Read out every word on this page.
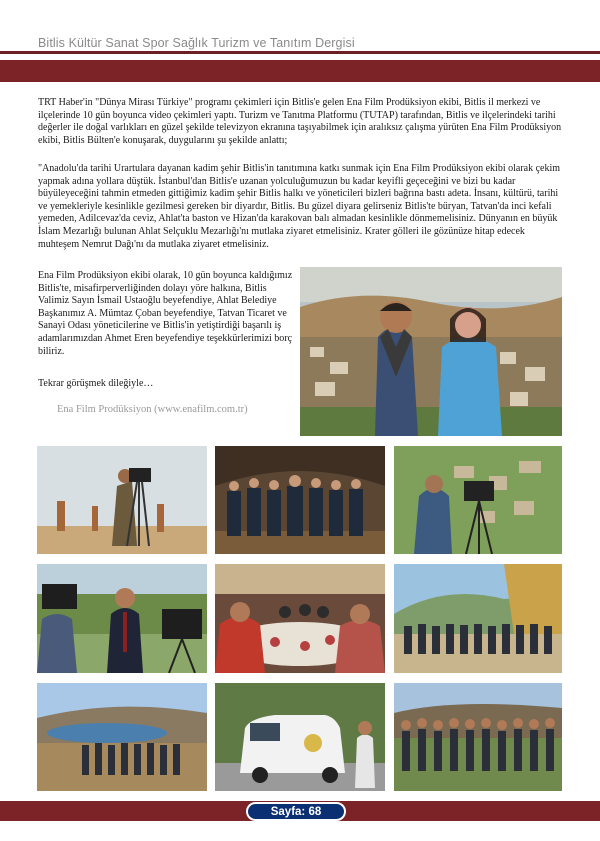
Bitlis Kültür Sanat Spor Sağlık Turizm ve Tanıtım Dergisi

TRT Haber'in "Dünya Mirası Türkiye" programı çekimleri için Bitlis'e gelen Ena Film Prodüksiyon ekibi, Bitlis il merkezi ve ilçelerinde 10 gün boyunca video çekimleri yaptı. Turizm ve Tanıtma Platformu (TUTAP) tarafından, Bitlis ve ilçelerindeki tarihi değerler ile doğal varlıkları en güzel şekilde televizyon ekranına taşıyabilmek için aralıksız çalışma yürüten Ena Film Prodüksiyon ekibi, Bitlis Bülten'e konuşarak, duygularını şu şekilde anlattı;

"Anadolu'da tarihi Urartulara dayanan kadim şehir Bitlis'in tanıtımına katkı sunmak için Ena Film Prodüksiyon ekibi olarak çekim yapmak adına yollara düştük. İstanbul'dan Bitlis'e uzanan yolculuğumuzun bu kadar keyifli geçeceğini ve bizi bu kadar büyüleyeceğini tahmin etmeden gittiğimiz kadim şehir Bitlis halkı ve yöneticileri bizleri bağrına bastı adeta. İnsanı, kültürü, tarihi ve yemekleriyle kesinlikle gezilmesi gereken bir diyardır, Bitlis. Bu güzel diyara gelirseniz Bitlis'te büryan, Tatvan'da inci kefali yemeden, Adilcevaz'da ceviz, Ahlat'ta baston ve Hizan'da karakovan balı almadan kesinlikle dönmemelisiniz. Dünyanın en büyük İslam Mezarlığı bulunan Ahlat Selçuklu Mezarlığı'nı mutlaka ziyaret etmelisiniz. Krater gölleri ile gözünüze hitap edecek muhteşem Nemrut Dağı'nı da mutlaka ziyaret etmelisiniz.

Ena Film Prodüksiyon ekibi olarak, 10 gün boyunca kaldığımız Bitlis'te, misafirperverliğinden dolayı yöre halkına, Bitlis Valimiz Sayın İsmail Ustaoğlu beyefendiye, Ahlat Belediye Başkanımız A. Mümtaz Çoban beyefendiye, Tatvan Ticaret ve Sanayi Odası yöneticilerine ve Bitlis'in yetiştirdiği başarılı iş adamlarımızdan Ahmet Eren beyefendiye teşekkürlerimizi borç biliriz.

Tekrar görüşmek dileğiyle…

Ena Film Prodüksiyon (www.enafilm.com.tr)

Sayfa: 68
